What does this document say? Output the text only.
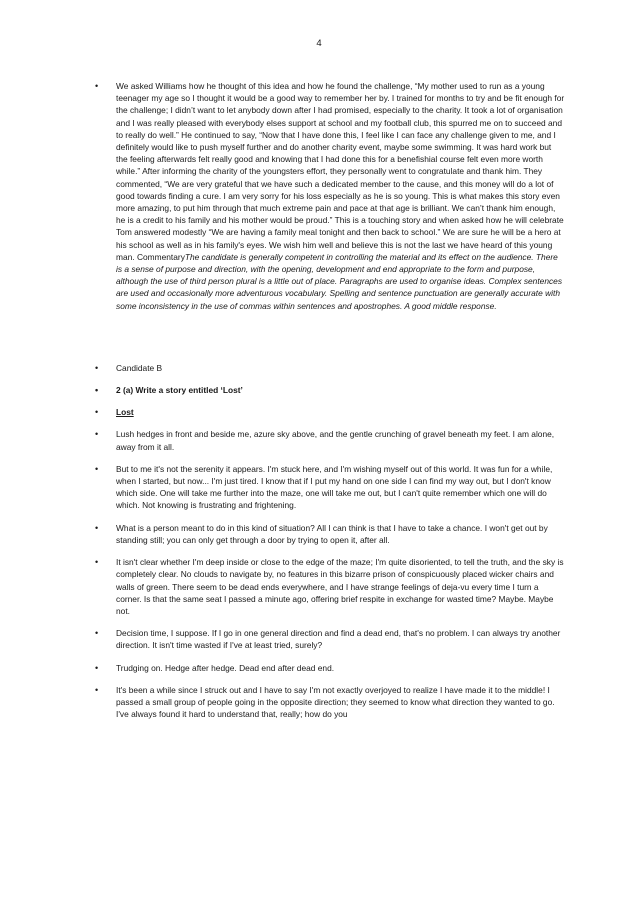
4
• We asked Williams how he thought of this idea and how he found the challenge, “My mother used to run as a young teenager my age so I thought it would be a good way to remember her by. I trained for months to try and be fit enough for the challenge; I didn’t want to let anybody down after I had promised, especially to the charity. It took a lot of organisation and I was really pleased with everybody elses support at school and my football club, this spurred me on to succeed and to really do well.” He continued to say, “Now that I have done this, I feel like I can face any challenge given to me, and I definitely would like to push myself further and do another charity event, maybe some swimming. It was hard work but the feeling afterwards felt really good and knowing that I had done this for a benefishial course felt even more worth while.” After informing the charity of the youngsters effort, they personally went to congratulate and thank him. They commented, “We are very grateful that we have such a dedicated member to the cause, and this money will do a lot of good towards finding a cure. I am very sorry for his loss especially as he is so young. This is what makes this story even more amazing, to put him through that much extreme pain and pace at that age is brilliant. We can’t thank him enough, he is a credit to his family and his mother would be proud.” This is a touching story and when asked how he will celebrate Tom answered modestly “We are having a family meal tonight and then back to school.” We are sure he will be a hero at his school as well as in his family's eyes. We wish him well and believe this is not the last we have heard of this young man. CommentaryThe candidate is generally competent in controlling the material and its effect on the audience. There is a sense of purpose and direction, with the opening, development and end appropriate to the form and purpose, although the use of third person plural is a little out of place. Paragraphs are used to organise ideas. Complex sentences are used and occasionally more adventurous vocabulary. Spelling and sentence punctuation are generally accurate with some inconsistency in the use of commas within sentences and apostrophes. A good middle response.
• Candidate B
• 2 (a) Write a story entitled ‘Lost’
• Lost
• Lush hedges in front and beside me, azure sky above, and the gentle crunching of gravel beneath my feet. I am alone, away from it all.
• But to me it's not the serenity it appears. I'm stuck here, and I'm wishing myself out of this world. It was fun for a while, when I started, but now... I'm just tired. I know that if I put my hand on one side I can find my way out, but I don't know which side. One will take me further into the maze, one will take me out, but I can't quite remember which one will do which. Not knowing is frustrating and frightening.
• What is a person meant to do in this kind of situation? All I can think is that I have to take a chance. I won't get out by standing still; you can only get through a door by trying to open it, after all.
• It isn't clear whether I'm deep inside or close to the edge of the maze; I'm quite disoriented, to tell the truth, and the sky is completely clear. No clouds to navigate by, no features in this bizarre prison of conspicuously placed wicker chairs and walls of green. There seem to be dead ends everywhere, and I have strange feelings of deja-vu every time I turn a corner. Is that the same seat I passed a minute ago, offering brief respite in exchange for wasted time? Maybe. Maybe not.
• Decision time, I suppose. If I go in one general direction and find a dead end, that's no problem. I can always try another direction. It isn't time wasted if I've at least tried, surely?
• Trudging on. Hedge after hedge. Dead end after dead end.
• It's been a while since I struck out and I have to say I'm not exactly overjoyed to realize I have made it to the middle! I passed a small group of people going in the opposite direction; they seemed to know what direction they wanted to go. I've always found it hard to understand that, really; how do you
